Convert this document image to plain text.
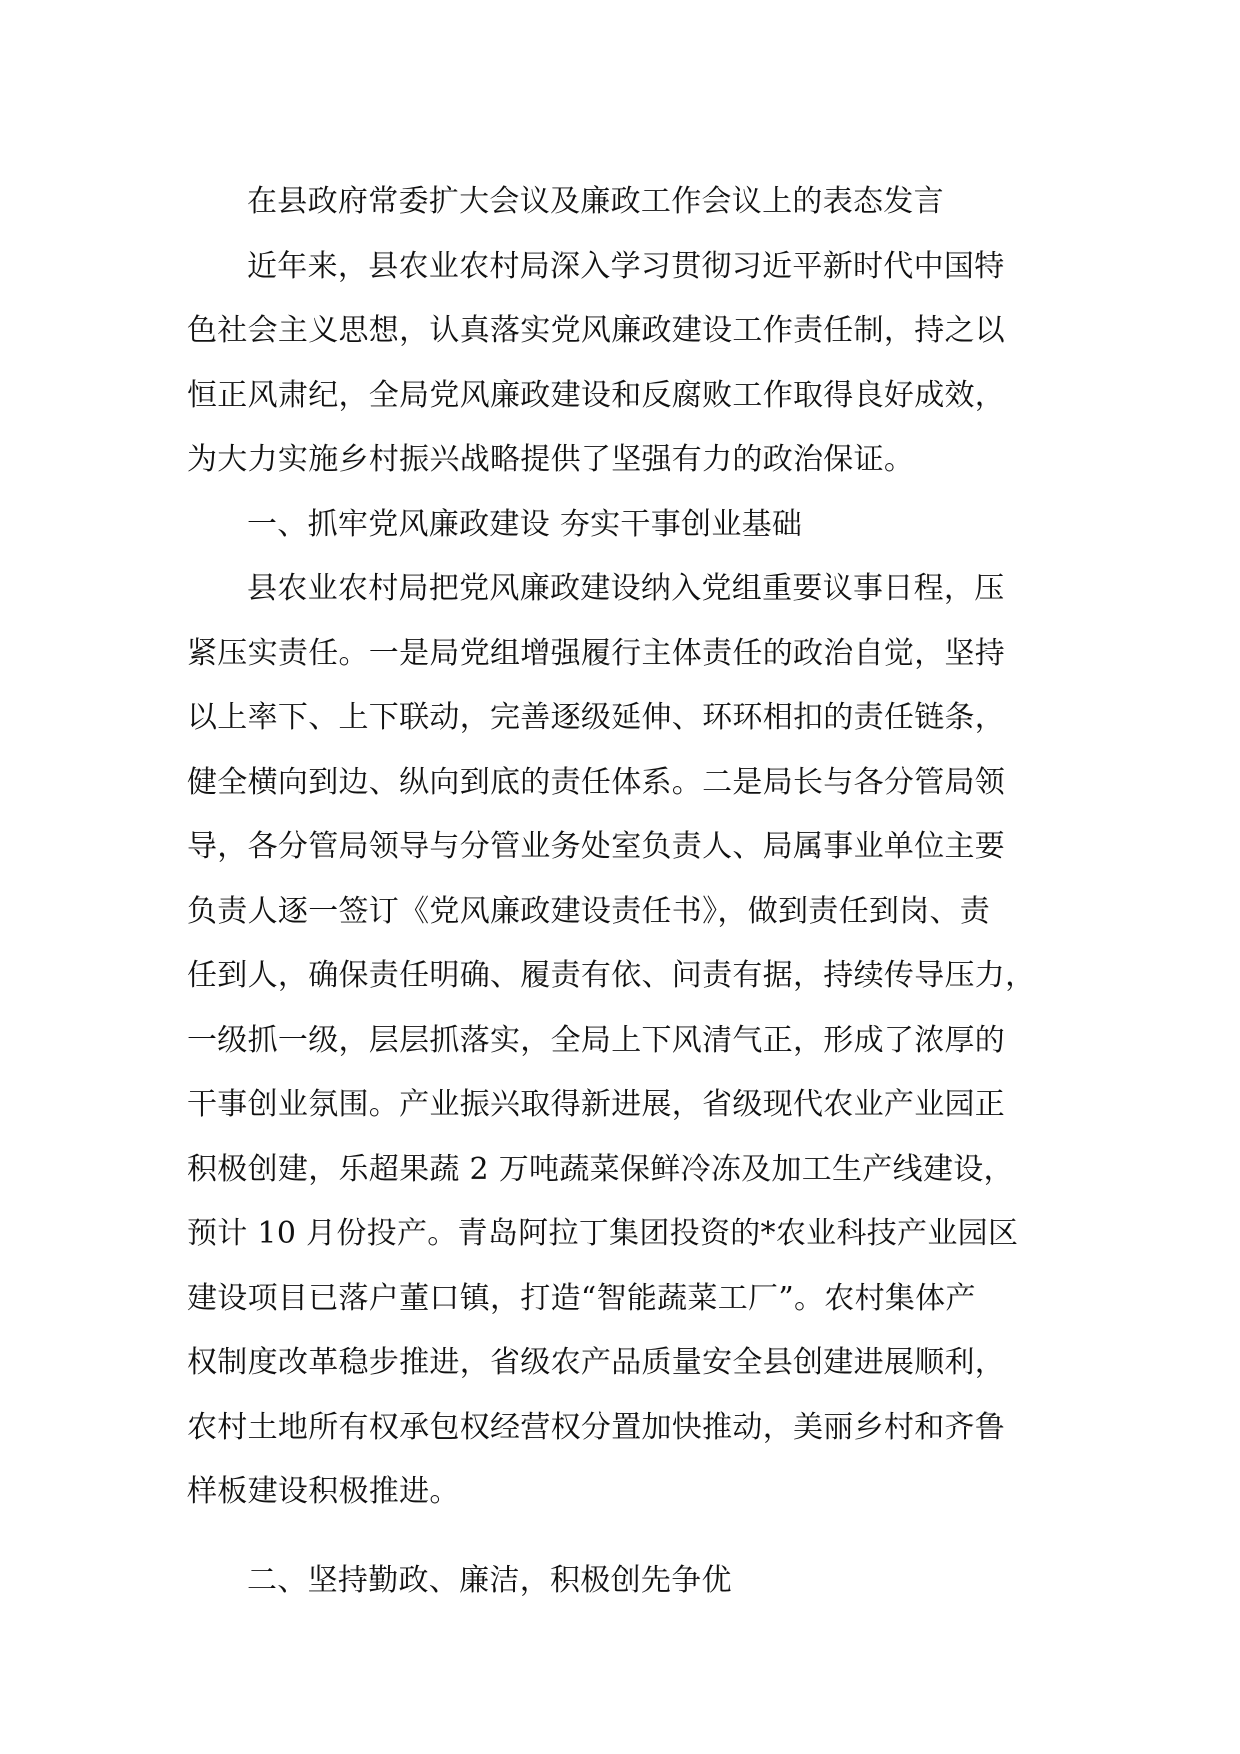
在县政府常委扩大会议及廉政工作会议上的表态发言
近年来，县农业农村局深入学习贯彻习近平新时代中国特
色社会主义思想，认真落实党风廉政建设工作责任制，持之以
恒正风肃纪，全局党风廉政建设和反腐败工作取得良好成效，
为大力实施乡村振兴战略提供了坚强有力的政治保证。
一、抓牢党风廉政建设 夯实干事创业基础
县农业农村局把党风廉政建设纳入党组重要议事日程，压
紧压实责任。一是局党组增强履行主体责任的政治自觉，坚持
以上率下、上下联动，完善逐级延伸、环环相扣的责任链条，
健全横向到边、纵向到底的责任体系。二是局长与各分管局领
导，各分管局领导与分管业务处室负责人、局属事业单位主要
负责人逐一签订《党风廉政建设责任书》，做到责任到岗、责
任到人，确保责任明确、履责有依、问责有据，持续传导压力，
一级抓一级，层层抓落实，全局上下风清气正，形成了浓厚的
干事创业氛围。产业振兴取得新进展，省级现代农业产业园正
积极创建，乐超果蔬 2 万吨蔬菜保鲜冷冻及加工生产线建设，
预计 10 月份投产。青岛阿拉丁集团投资的*农业科技产业园区
建设项目已落户董口镇，打造“智能蔬菜工厂”。农村集体产
权制度改革稳步推进，省级农产品质量安全县创建进展顺利，
农村土地所有权承包权经营权分置加快推动，美丽乡村和齐鲁
样板建设积极推进。
二、坚持勤政、廉洁，积极创先争优
